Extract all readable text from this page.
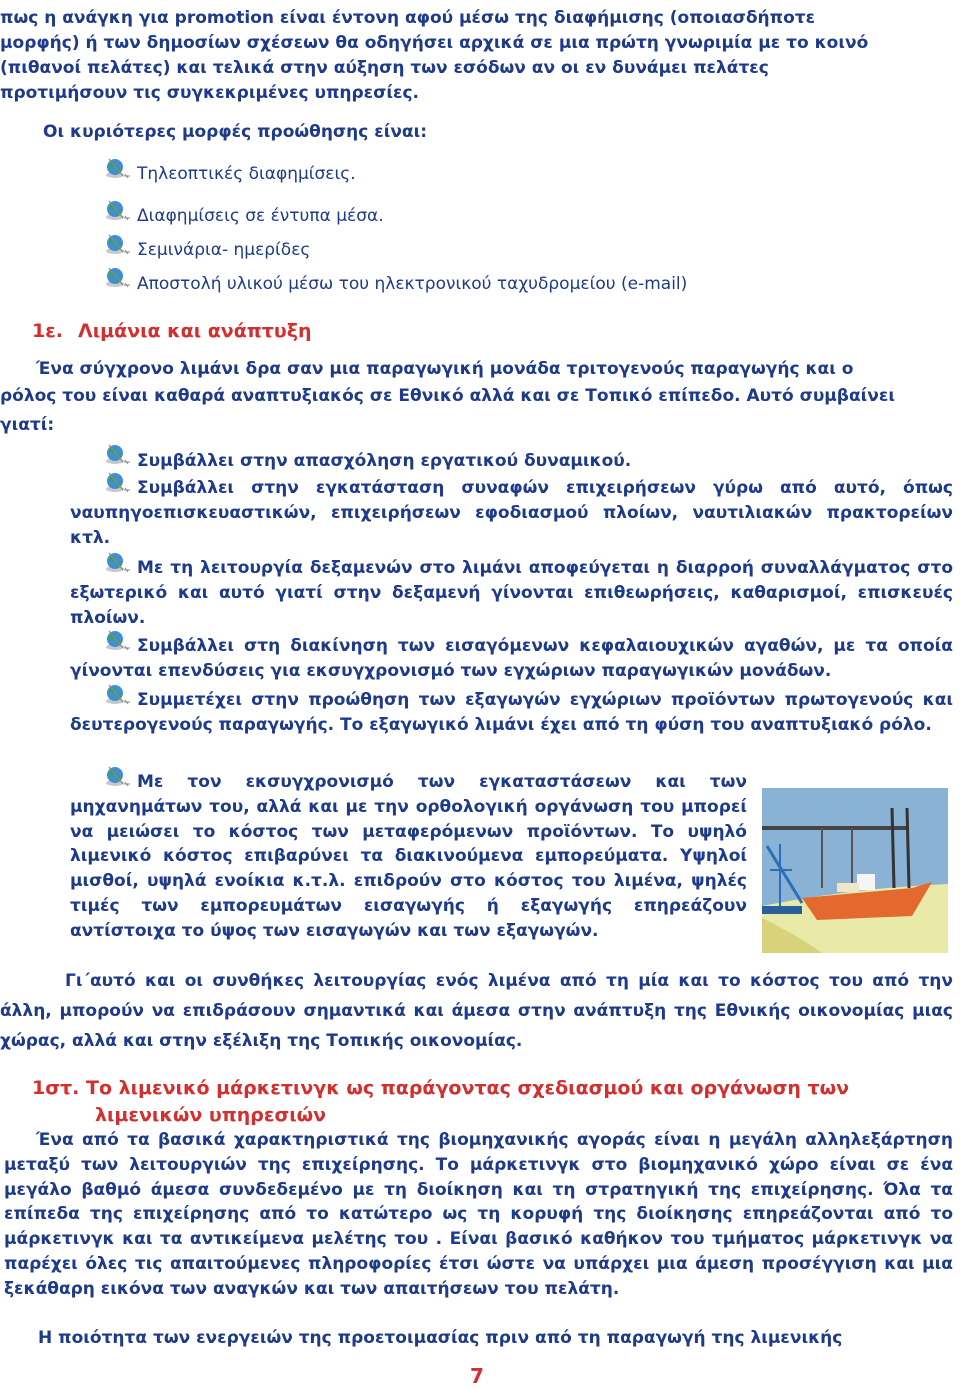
πως η ανάγκη για promotion είναι έντονη αφού μέσω της διαφήμισης (οποιασδήποτε
μορφής) ή των δημοσίων σχέσεων θα οδηγήσει αρχικά σε μια πρώτη γνωριμία με το κοινό
(πιθανοί πελάτες) και τελικά στην αύξηση των εσόδων αν οι εν δυνάμει πελάτες
προτιμήσουν τις συγκεκριμένες υπηρεσίες.
Οι κυριότερες μορφές προώθησης είναι:
Τηλεοπτικές διαφημίσεις.
Διαφημίσεις σε έντυπα μέσα.
Σεμινάρια- ημερίδες
Αποστολή υλικού μέσω του ηλεκτρονικού ταχυδρομείου (e-mail)
1ε. Λιμάνια και ανάπτυξη
Ένα σύγχρονο λιμάνι δρα σαν μια παραγωγική μονάδα τριτογενούς παραγωγής και ο
ρόλος του είναι καθαρά αναπτυξιακός σε Εθνικό αλλά και σε Τοπικό επίπεδο. Αυτό συμβαίνει
γιατί:
Συμβάλλει στην απασχόληση εργατικού δυναμικού.
Συμβάλλει στην εγκατάσταση συναφών επιχειρήσεων γύρω από αυτό, όπως ναυπηγοεπισκευαστικών, επιχειρήσεων εφοδιασμού πλοίων, ναυτιλιακών πρακτορείων κτλ.
Με τη λειτουργία δεξαμενών στο λιμάνι αποφεύγεται η διαρροή συναλλάγματος στο εξωτερικό και αυτό γιατί στην δεξαμενή γίνονται επιθεωρήσεις, καθαρισμοί, επισκευές πλοίων.
Συμβάλλει στη διακίνηση των εισαγόμενων κεφαλαιουχικών αγαθών, με τα οποία γίνονται επενδύσεις για εκσυγχρονισμό των εγχώριων παραγωγικών μονάδων.
Συμμετέχει στην προώθηση των εξαγωγών εγχώριων προϊόντων πρωτογενούς και δευτερογενούς παραγωγής. Το εξαγωγικό λιμάνι έχει από τη φύση του αναπτυξιακό ρόλο.
Με τον εκσυγχρονισμό των εγκαταστάσεων και των μηχανημάτων του, αλλά και με την ορθολογική οργάνωση του μπορεί να μειώσει το κόστος των μεταφερόμενων προϊόντων. Το υψηλό λιμενικό κόστος επιβαρύνει τα διακινούμενα εμπορεύματα. Υψηλοί μισθοί, υψηλά ενοίκια κ.τ.λ. επιδρούν στο κόστος του λιμένα, ψηλές τιμές των εμπορευμάτων εισαγωγής ή εξαγωγής επηρεάζουν αντίστοιχα το ύψος των εισαγωγών και των εξαγωγών.
Γι΄αυτό και οι συνθήκες λειτουργίας ενός λιμένα από τη μία και το κόστος του από την άλλη, μπορούν να επιδράσουν σημαντικά και άμεσα στην ανάπτυξη της Εθνικής οικονομίας μιας χώρας, αλλά και στην εξέλιξη της Τοπικής οικονομίας.
1στ. Το λιμενικό μάρκετινγκ ως παράγοντας σχεδιασμού και οργάνωση των
λιμενικών υπηρεσιών
Ένα από τα βασικά χαρακτηριστικά της βιομηχανικής αγοράς είναι η μεγάλη αλληλεξάρτηση μεταξύ των λειτουργιών της επιχείρησης. Το μάρκετινγκ στο βιομηχανικό χώρο είναι σε ένα μεγάλο βαθμό άμεσα συνδεδεμένο με τη διοίκηση και τη στρατηγική της επιχείρησης. Όλα τα επίπεδα της επιχείρησης από το κατώτερο ως τη κορυφή της διοίκησης επηρεάζονται από το μάρκετινγκ και τα αντικείμενα μελέτης του . Είναι βασικό καθήκον του τμήματος μάρκετινγκ να παρέχει όλες τις απαιτούμενες πληροφορίες έτσι ώστε να υπάρχει μια άμεση προσέγγιση και μια ξεκάθαρη εικόνα των αναγκών και των απαιτήσεων του πελάτη.
Η ποιότητα των ενεργειών της προετοιμασίας πριν από τη παραγωγή της λιμενικής
7
